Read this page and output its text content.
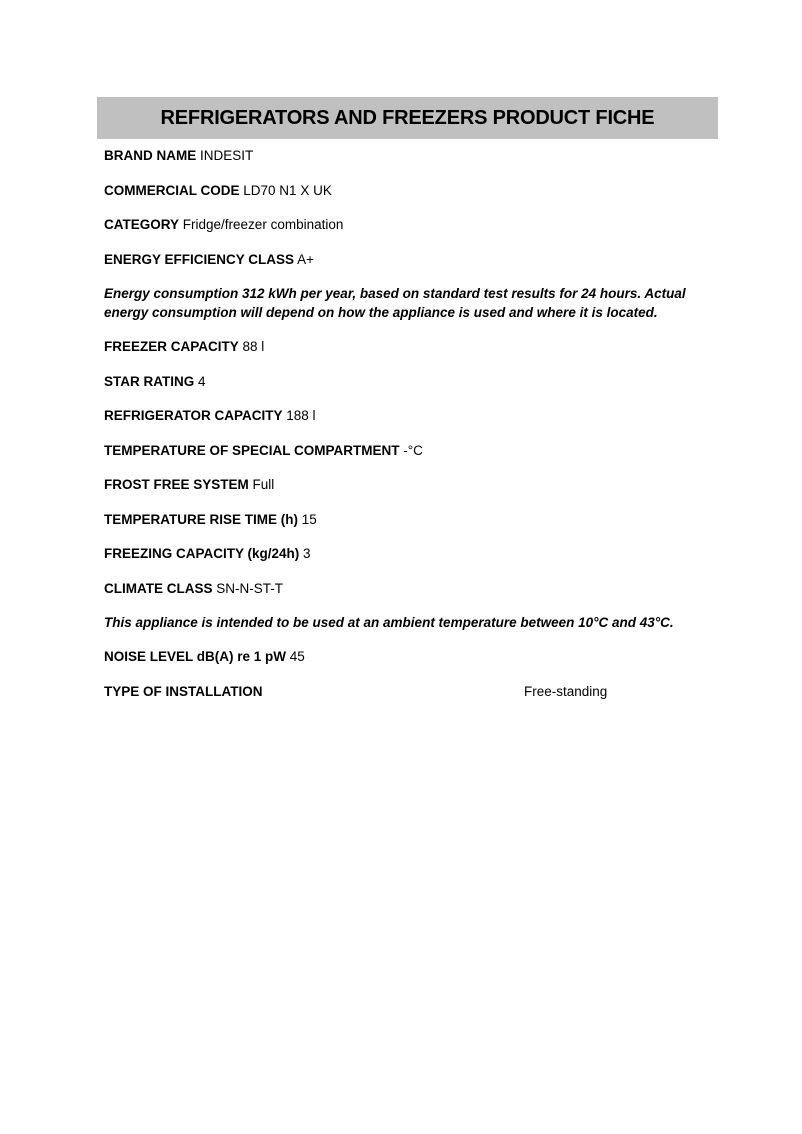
REFRIGERATORS AND FREEZERS PRODUCT FICHE
BRAND NAME INDESIT
COMMERCIAL CODE LD70 N1 X UK
CATEGORY Fridge/freezer combination
ENERGY EFFICIENCY CLASS A+
Energy consumption 312 kWh per year, based on standard test results for 24 hours. Actual energy consumption will depend on how the appliance is used and where it is located.
FREEZER CAPACITY 88 l
STAR RATING 4
REFRIGERATOR CAPACITY 188 l
TEMPERATURE OF SPECIAL COMPARTMENT -°C
FROST FREE SYSTEM Full
TEMPERATURE RISE TIME (h) 15
FREEZING CAPACITY (kg/24h) 3
CLIMATE CLASS SN-N-ST-T
This appliance is intended to be used at an ambient temperature between 10°C and 43°C.
NOISE LEVEL dB(A) re 1 pW 45
TYPE OF INSTALLATION	Free-standing
